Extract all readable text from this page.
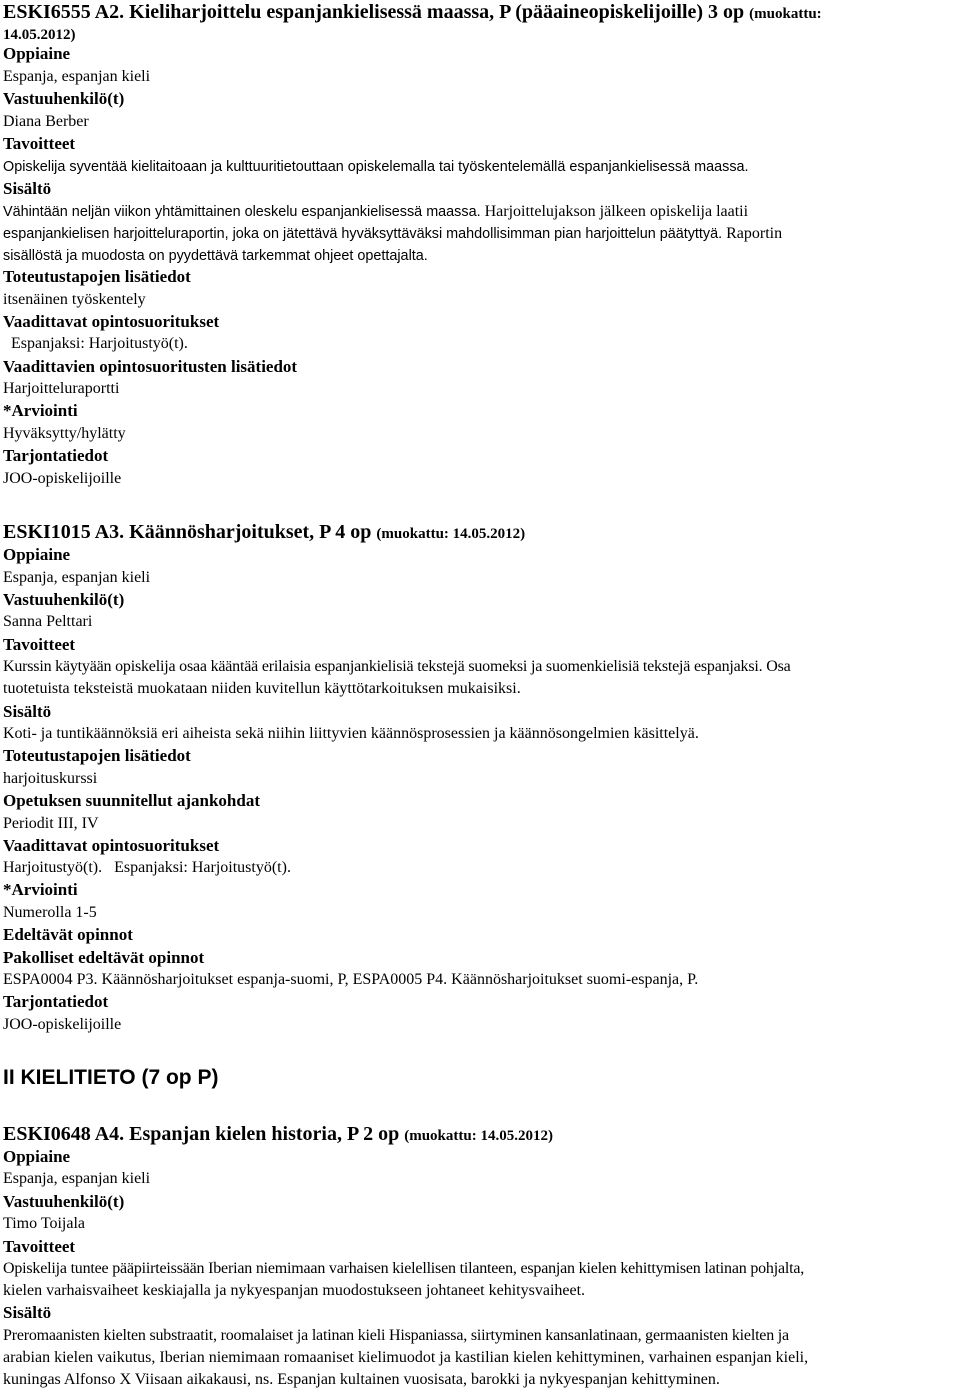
ESKI6555 A2. Kieliharjoittelu espanjankielisessä maassa, P (pääaineopiskelijoille) 3 op (muokattu:
14.05.2012)
Oppiaine
Espanja, espanjan kieli
Vastuuhenkilö(t)
Diana Berber
Tavoitteet
Opiskelija syventää kielitaitoaan ja kulttuuritietouttaan opiskelemalla tai työskentelemällä espanjankielisessä maassa.
Sisältö
Vähintään neljän viikon yhtämittainen oleskelu espanjankielisessä maassa. Harjoittelujakson jälkeen opiskelija laatii
espanjankielisen harjoitteluraportin, joka on jätettävä hyväksyttäväksi mahdollisimman pian harjoittelun päätyttyä. Raportin
sisällöstä ja muodosta on pyydettävä tarkemmat ohjeet opettajalta.
Toteutustapojen lisätiedot
itsenäinen työskentely
Vaadittavat opintosuoritukset
Espanjaksi: Harjoitustyö(t).
Vaadittavien opintosuoritusten lisätiedot
Harjoitteluraportti
*Arviointi
Hyväksytty/hylätty
Tarjontatiedot
JOO-opiskelijoille
ESKI1015 A3. Käännösharjoitukset, P 4 op (muokattu: 14.05.2012)
Oppiaine
Espanja, espanjan kieli
Vastuuhenkilö(t)
Sanna Pelttari
Tavoitteet
Kurssin käytyään opiskelija osaa kääntää erilaisia espanjankielisiä tekstejä suomeksi ja suomenkielisiä tekstejä espanjaksi. Osa
tuotetuista teksteistä muokataan niiden kuvitellun käyttötarkoituksen mukaisiksi.
Sisältö
Koti- ja tuntikäännöksiä eri aiheista sekä niihin liittyvien käännösprosessien ja käännösongelmien käsittelyä.
Toteutustapojen lisätiedot
harjoituskurssi
Opetuksen suunnitellut ajankohdat
Periodit III, IV
Vaadittavat opintosuoritukset
Harjoitustyö(t).   Espanjaksi: Harjoitustyö(t).
*Arviointi
Numerolla 1-5
Edeltävät opinnot
Pakolliset edeltävät opinnot
ESPA0004 P3. Käännösharjoitukset espanja-suomi, P, ESPA0005 P4. Käännösharjoitukset suomi-espanja, P.
Tarjontatiedot
JOO-opiskelijoille
II KIELITIETO (7 op P)
ESKI0648 A4. Espanjan kielen historia, P 2 op (muokattu: 14.05.2012)
Oppiaine
Espanja, espanjan kieli
Vastuuhenkilö(t)
Timo Toijala
Tavoitteet
Opiskelija tuntee pääpiirteissään Iberian niemimaan varhaisen kielellisen tilanteen, espanjan kielen kehittymisen latinan pohjalta,
kielen varhaisvaiheet keskiajalla ja nykyespanjan muodostukseen johtaneet kehitysvaiheet.
Sisältö
Preromaanisten kielten substraatit, roomalaiset ja latinan kieli Hispaniassa, siirtyminen kansanlatinaan, germaanisten kielten ja
arabian kielen vaikutus, Iberian niemimaan romaaniset kielimuodot ja kastilian kielen kehittyminen, varhainen espanjan kieli,
kuningas Alfonso X Viisaan aikakausi, ns. Espanjan kultainen vuosisata, barokki ja nykyespanjan kehittyminen.
